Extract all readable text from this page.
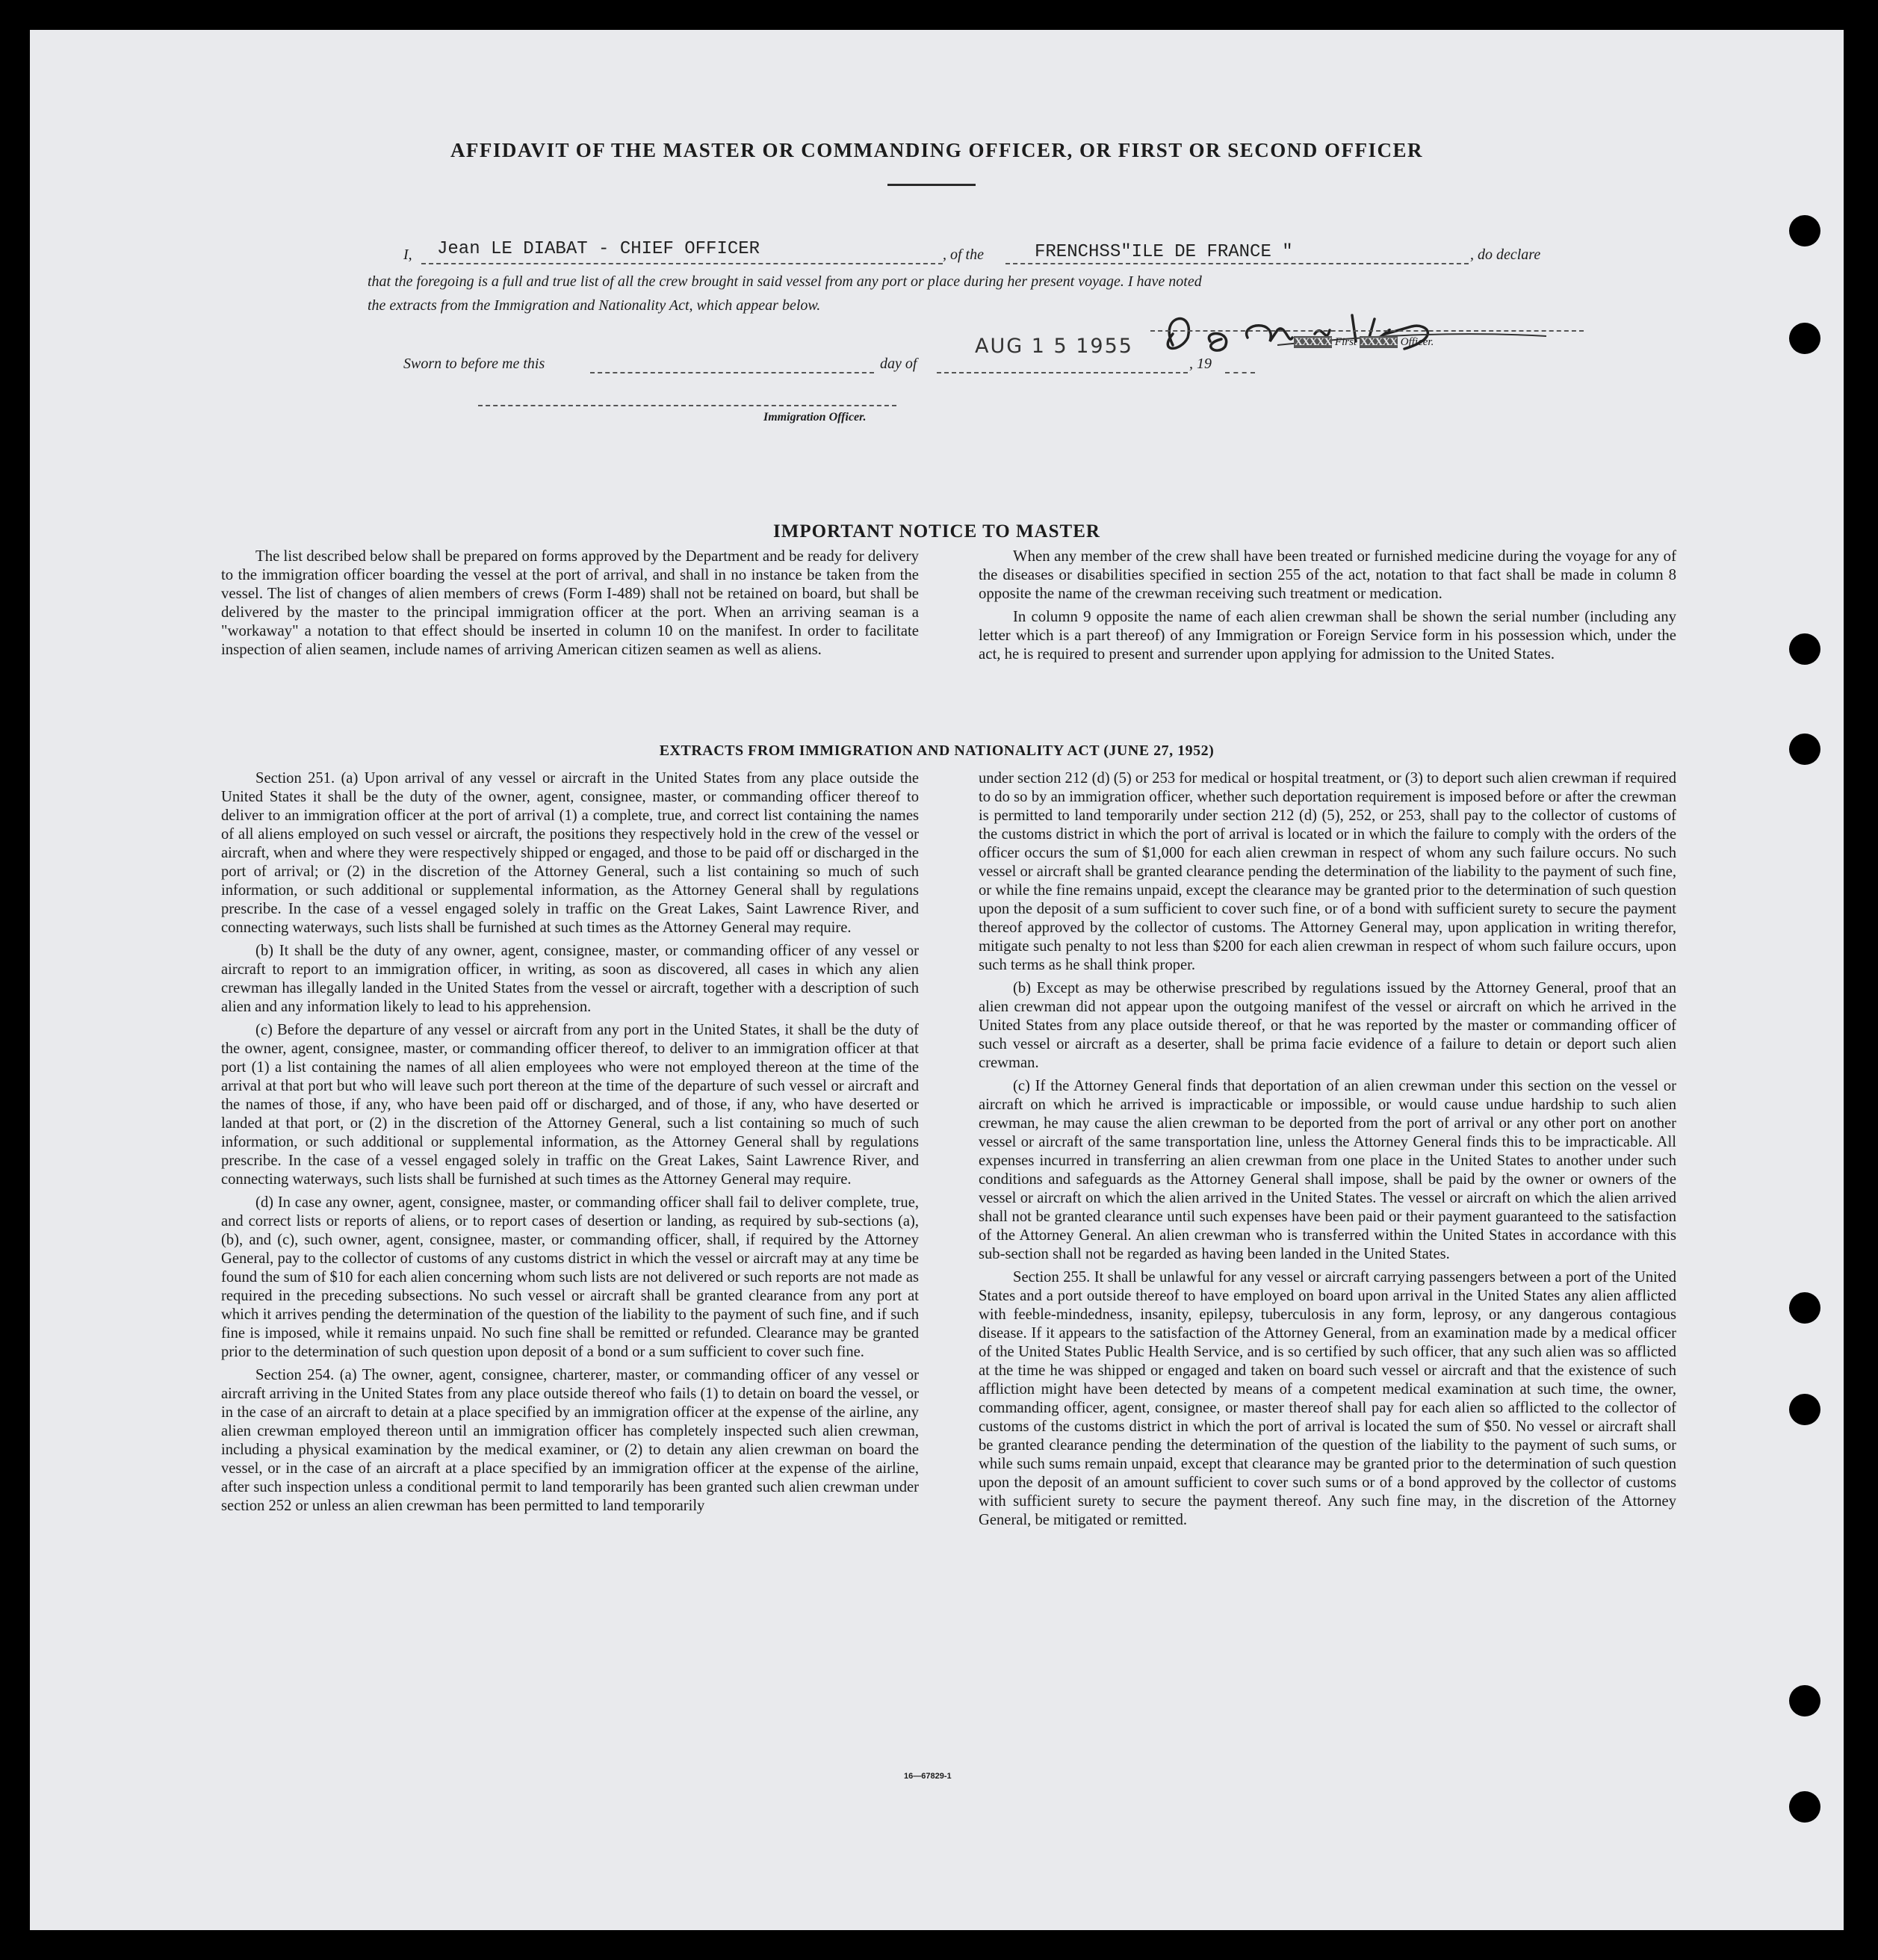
AFFIDAVIT OF THE MASTER OR COMMANDING OFFICER, OR FIRST OR SECOND OFFICER
I, Jean LE DIABAT - CHIEF OFFICER	, of the	FRENCHSS"ILE DE FRANCE "	, do declare
that the foregoing is a full and true list of all the crew brought in said vessel from any port or place during her present voyage. I have noted
the extracts from the Immigration and Nationality Act, which appear below.
XXXXX First XXXXX Officer.
Sworn to before me this	day of
AUG 1 5 1955
, 19
Immigration Officer.
IMPORTANT NOTICE TO MASTER

The list described below shall be prepared on forms approved by the Department and be ready for delivery to the immigration officer boarding the vessel at the port of arrival, and shall in no instance be taken from the vessel. The list of changes of alien members of crews (Form I-489) shall not be retained on board, but shall be delivered by the master to the principal immigration officer at the port. When an arriving seaman is a "workaway" a notation to that effect should be inserted in column 10 on the manifest. In order to facilitate inspection of alien seamen, include names of arriving American citizen seamen as well as aliens.

When any member of the crew shall have been treated or furnished medicine during the voyage for any of the diseases or disabilities specified in section 255 of the act, notation to that fact shall be made in column 8 opposite the name of the crewman receiving such treatment or medication.

In column 9 opposite the name of each alien crewman shall be shown the serial number (including any letter which is a part thereof) of any Immigration or Foreign Service form in his possession which, under the act, he is required to present and surrender upon applying for admission to the United States.

EXTRACTS FROM IMMIGRATION AND NATIONALITY ACT (JUNE 27, 1952)

Section 251. (a) Upon arrival of any vessel or aircraft in the United States from any place outside the United States it shall be the duty of the owner, agent, consignee, master, or commanding officer thereof to deliver to an immigration officer at the port of arrival (1) a complete, true, and correct list containing the names of all aliens employed on such vessel or aircraft, the positions they respectively hold in the crew of the vessel or aircraft, when and where they were respectively shipped or engaged, and those to be paid off or discharged in the port of arrival; or (2) in the discretion of the Attorney General, such a list containing so much of such information, or such additional or supplemental information, as the Attorney General shall by regulations prescribe. In the case of a vessel engaged solely in traffic on the Great Lakes, Saint Lawrence River, and connecting waterways, such lists shall be furnished at such times as the Attorney General may require.

(b) It shall be the duty of any owner, agent, consignee, master, or commanding officer of any vessel or aircraft to report to an immigration officer, in writing, as soon as discovered, all cases in which any alien crewman has illegally landed in the United States from the vessel or aircraft, together with a description of such alien and any information likely to lead to his apprehension.

(c) Before the departure of any vessel or aircraft from any port in the United States, it shall be the duty of the owner, agent, consignee, master, or commanding officer thereof, to deliver to an immigration officer at that port (1) a list containing the names of all alien employees who were not employed thereon at the time of the arrival at that port but who will leave such port thereon at the time of the departure of such vessel or aircraft and the names of those, if any, who have been paid off or discharged, and of those, if any, who have deserted or landed at that port, or (2) in the discretion of the Attorney General, such a list containing so much of such information, or such additional or supplemental information, as the Attorney General shall by regulations prescribe. In the case of a vessel engaged solely in traffic on the Great Lakes, Saint Lawrence River, and connecting waterways, such lists shall be furnished at such times as the Attorney General may require.

(d) In case any owner, agent, consignee, master, or commanding officer shall fail to deliver complete, true, and correct lists or reports of aliens, or to report cases of desertion or landing, as required by sub-sections (a), (b), and (c), such owner, agent, consignee, master, or commanding officer, shall, if required by the Attorney General, pay to the collector of customs of any customs district in which the vessel or aircraft may at any time be found the sum of $10 for each alien concerning whom such lists are not delivered or such reports are not made as required in the preceding subsections. No such vessel or aircraft shall be granted clearance from any port at which it arrives pending the determination of the question of the liability to the payment of such fine, and if such fine is imposed, while it remains unpaid. No such fine shall be remitted or refunded. Clearance may be granted prior to the determination of such question upon deposit of a bond or a sum sufficient to cover such fine.

Section 254. (a) The owner, agent, consignee, charterer, master, or commanding officer of any vessel or aircraft arriving in the United States from any place outside thereof who fails (1) to detain on board the vessel, or in the case of an aircraft to detain at a place specified by an immigration officer at the expense of the airline, any alien crewman employed thereon until an immigration officer has completely inspected such alien crewman, including a physical examination by the medical examiner, or (2) to detain any alien crewman on board the vessel, or in the case of an aircraft at a place specified by an immigration officer at the expense of the airline, after such inspection unless a conditional permit to land temporarily has been granted such alien crewman under section 252 or unless an alien crewman has been permitted to land temporarily

under section 212 (d) (5) or 253 for medical or hospital treatment, or (3) to deport such alien crewman if required to do so by an immigration officer, whether such deportation requirement is imposed before or after the crewman is permitted to land temporarily under section 212 (d) (5), 252, or 253, shall pay to the collector of customs of the customs district in which the port of arrival is located or in which the failure to comply with the orders of the officer occurs the sum of $1,000 for each alien crewman in respect of whom any such failure occurs. No such vessel or aircraft shall be granted clearance pending the determination of the liability to the payment of such fine, or while the fine remains unpaid, except the clearance may be granted prior to the determination of such question upon the deposit of a sum sufficient to cover such fine, or of a bond with sufficient surety to secure the payment thereof approved by the collector of customs. The Attorney General may, upon application in writing therefor, mitigate such penalty to not less than $200 for each alien crewman in respect of whom such failure occurs, upon such terms as he shall think proper.

(b) Except as may be otherwise prescribed by regulations issued by the Attorney General, proof that an alien crewman did not appear upon the outgoing manifest of the vessel or aircraft on which he arrived in the United States from any place outside thereof, or that he was reported by the master or commanding officer of such vessel or aircraft as a deserter, shall be prima facie evidence of a failure to detain or deport such alien crewman.

(c) If the Attorney General finds that deportation of an alien crewman under this section on the vessel or aircraft on which he arrived is impracticable or impossible, or would cause undue hardship to such alien crewman, he may cause the alien crewman to be deported from the port of arrival or any other port on another vessel or aircraft of the same transportation line, unless the Attorney General finds this to be impracticable. All expenses incurred in transferring an alien crewman from one place in the United States to another under such conditions and safeguards as the Attorney General shall impose, shall be paid by the owner or owners of the vessel or aircraft on which the alien arrived in the United States. The vessel or aircraft on which the alien arrived shall not be granted clearance until such expenses have been paid or their payment guaranteed to the satisfaction of the Attorney General. An alien crewman who is transferred within the United States in accordance with this sub-section shall not be regarded as having been landed in the United States.

Section 255. It shall be unlawful for any vessel or aircraft carrying passengers between a port of the United States and a port outside thereof to have employed on board upon arrival in the United States any alien afflicted with feeble-mindedness, insanity, epilepsy, tuberculosis in any form, leprosy, or any dangerous contagious disease. If it appears to the satisfaction of the Attorney General, from an examination made by a medical officer of the United States Public Health Service, and is so certified by such officer, that any such alien was so afflicted at the time he was shipped or engaged and taken on board such vessel or aircraft and that the existence of such affliction might have been detected by means of a competent medical examination at such time, the owner, commanding officer, agent, consignee, or master thereof shall pay for each alien so afflicted to the collector of customs of the customs district in which the port of arrival is located the sum of $50. No vessel or aircraft shall be granted clearance pending the determination of the question of the liability to the payment of such sums, or while such sums remain unpaid, except that clearance may be granted prior to the determination of such question upon the deposit of an amount sufficient to cover such sums or of a bond approved by the collector of customs with sufficient surety to secure the payment thereof. Any such fine may, in the discretion of the Attorney General, be mitigated or remitted.

16—67829-1
